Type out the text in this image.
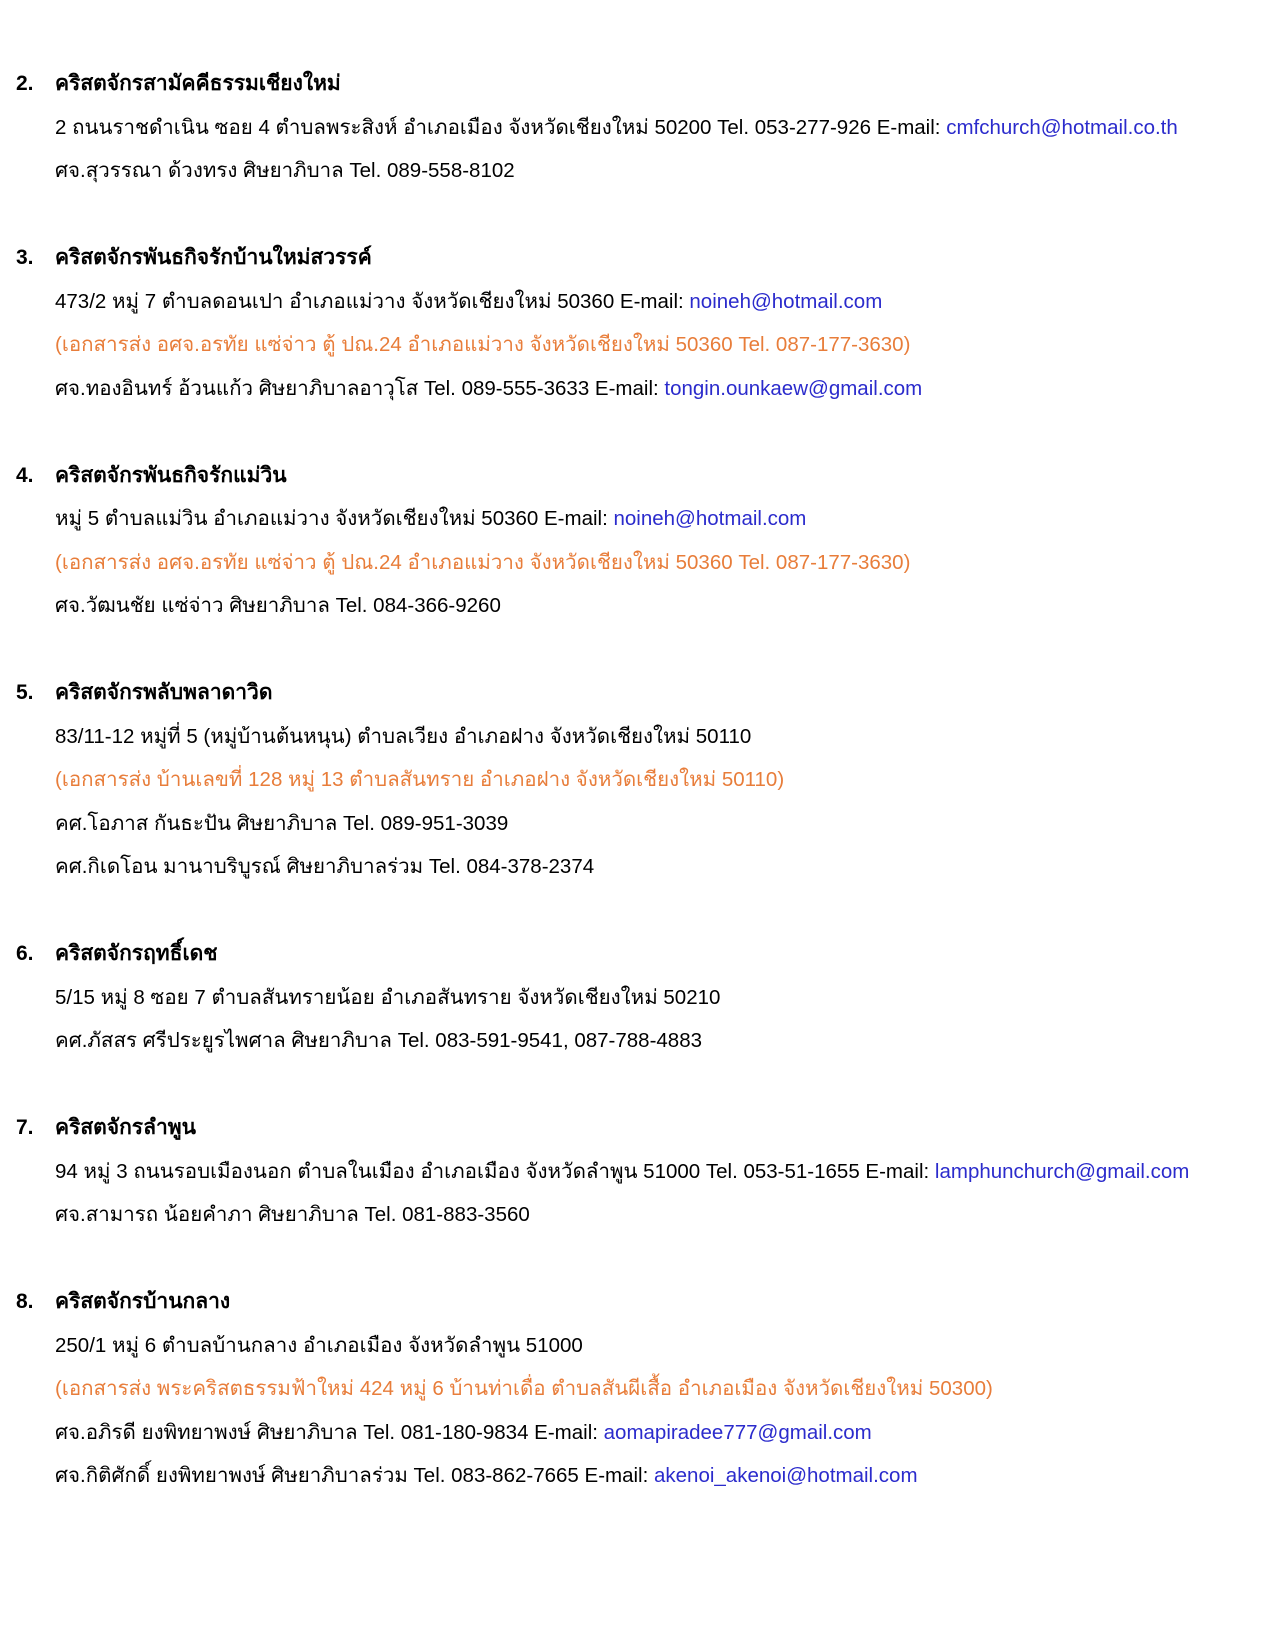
2.	คริสตจักรสามัคคีธรรมเชียงใหม่
2 ถนนราชดำเนิน ซอย 4 ตำบลพระสิงห์ อำเภอเมือง จังหวัดเชียงใหม่ 50200 Tel. 053-277-926 E-mail: cmfchurch@hotmail.co.th
ศจ.สุวรรณา ด้วงทรง ศิษยาภิบาล Tel. 089-558-8102
3.	คริสตจักรพันธกิจรักบ้านใหม่สวรรค์
473/2 หมู่ 7 ตำบลดอนเปา อำเภอแม่วาง จังหวัดเชียงใหม่ 50360 E-mail: noineh@hotmail.com
(เอกสารส่ง อศจ.อรทัย แซ่จ่าว ตู้ ปณ.24 อำเภอแม่วาง จังหวัดเชียงใหม่ 50360 Tel. 087-177-3630)
ศจ.ทองอินทร์ อ้วนแก้ว ศิษยาภิบาลอาวุโส Tel. 089-555-3633 E-mail: tongin.ounkaew@gmail.com
4.	คริสตจักรพันธกิจรักแม่วิน
หมู่ 5 ตำบลแม่วิน อำเภอแม่วาง จังหวัดเชียงใหม่ 50360 E-mail: noineh@hotmail.com
(เอกสารส่ง อศจ.อรทัย แซ่จ่าว ตู้ ปณ.24 อำเภอแม่วาง จังหวัดเชียงใหม่ 50360 Tel. 087-177-3630)
ศจ.วัฒนชัย แซ่จ่าว ศิษยาภิบาล Tel. 084-366-9260
5.	คริสตจักรพลับพลาดาวิด
83/11-12 หมู่ที่ 5 (หมู่บ้านต้นหนุน) ตำบลเวียง อำเภอฝาง จังหวัดเชียงใหม่ 50110
(เอกสารส่ง บ้านเลขที่ 128 หมู่ 13 ตำบลสันทราย อำเภอฝาง จังหวัดเชียงใหม่ 50110)
คศ.โอภาส กันธะปัน ศิษยาภิบาล Tel. 089-951-3039
คศ.กิเดโอน มานาบริบูรณ์ ศิษยาภิบาลร่วม Tel. 084-378-2374
6.	คริสตจักรฤทธิ์เดช
5/15 หมู่ 8 ซอย 7 ตำบลสันทรายน้อย อำเภอสันทราย จังหวัดเชียงใหม่ 50210
คศ.ภัสสร ศรีประยูรไพศาล ศิษยาภิบาล Tel. 083-591-9541, 087-788-4883
7.	คริสตจักรลำพูน
94 หมู่ 3 ถนนรอบเมืองนอก ตำบลในเมือง อำเภอเมือง จังหวัดลำพูน 51000 Tel. 053-51-1655 E-mail: lamphunchurch@gmail.com
ศจ.สามารถ น้อยคำภา ศิษยาภิบาล Tel. 081-883-3560
8.	คริสตจักรบ้านกลาง
250/1 หมู่ 6 ตำบลบ้านกลาง อำเภอเมือง จังหวัดลำพูน 51000
(เอกสารส่ง พระคริสตธรรมฟ้าใหม่ 424 หมู่ 6 บ้านท่าเดื่อ ตำบลสันผีเสื้อ อำเภอเมือง จังหวัดเชียงใหม่ 50300)
ศจ.อภิรดี ยงพิทยาพงษ์ ศิษยาภิบาล Tel. 081-180-9834 E-mail: aomapiradee777@gmail.com
ศจ.กิติศักดิ์ ยงพิทยาพงษ์ ศิษยาภิบาลร่วม Tel. 083-862-7665 E-mail: akenoi_akenoi@hotmail.com
